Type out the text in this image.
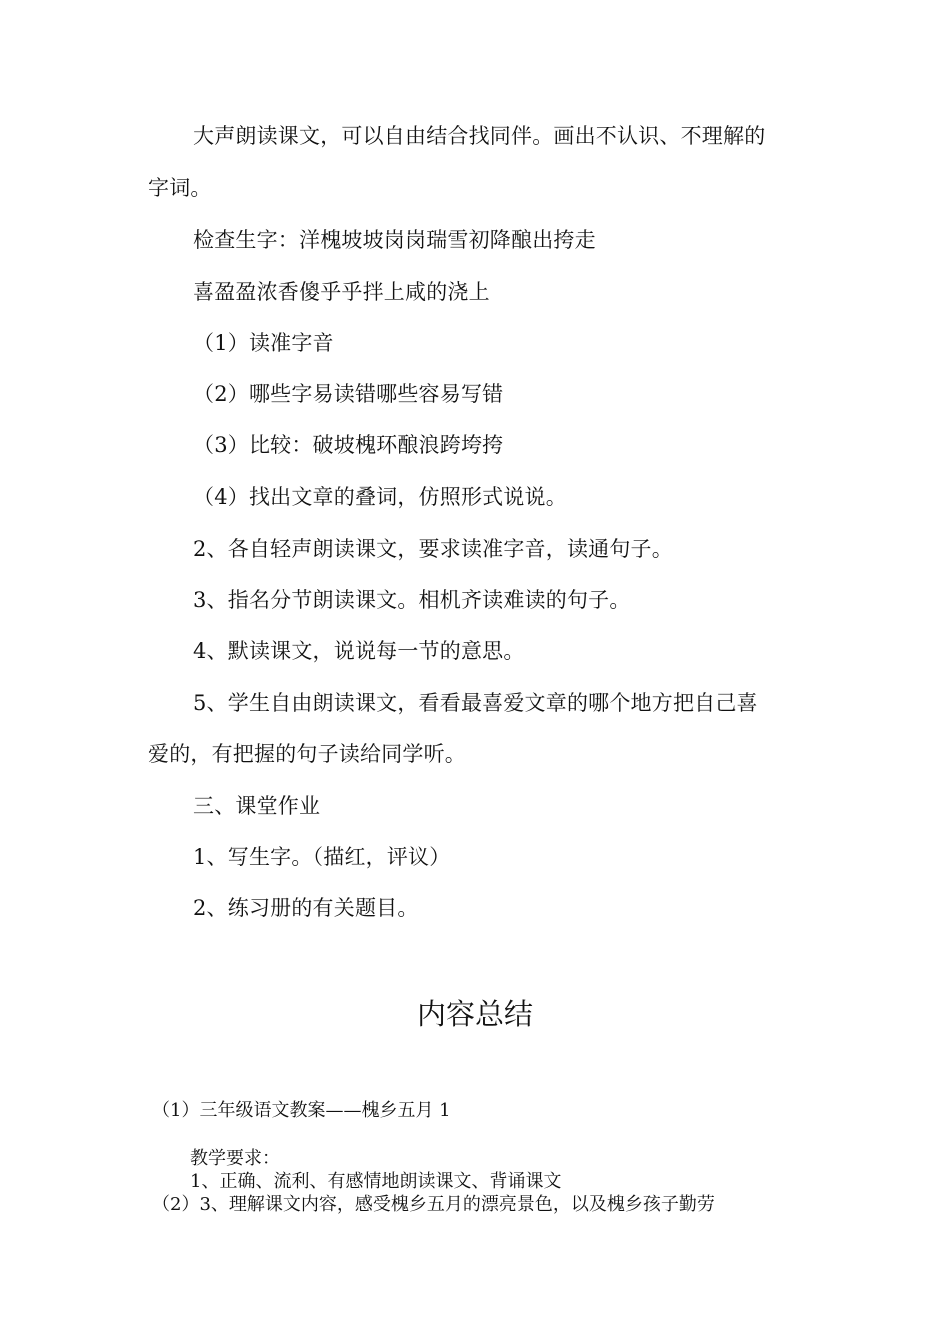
大声朗读课文，可以自由结合找同伴。画出不认识、不理解的
字词。
检查生字：洋槐坡坡岗岗瑞雪初降酿出挎走
喜盈盈浓香傻乎乎拌上咸的浇上
（1）读准字音
（2）哪些字易读错哪些容易写错
（3）比较：破坡槐环酿浪跨垮挎
（4）找出文章的叠词，仿照形式说说。
2、各自轻声朗读课文，要求读准字音，读通句子。
3、指名分节朗读课文。相机齐读难读的句子。
4、默读课文，说说每一节的意思。
5、学生自由朗读课文，看看最喜爱文章的哪个地方把自己喜
爱的，有把握的句子读给同学听。
三、课堂作业
1、写生字。（描红，评议）
2、练习册的有关题目。
内容总结
（1）三年级语文教案——槐乡五月 1
教学要求：
1、正确、流利、有感情地朗读课文、背诵课文
（2）3、理解课文内容，感受槐乡五月的漂亮景色，以及槐乡孩子勤劳
